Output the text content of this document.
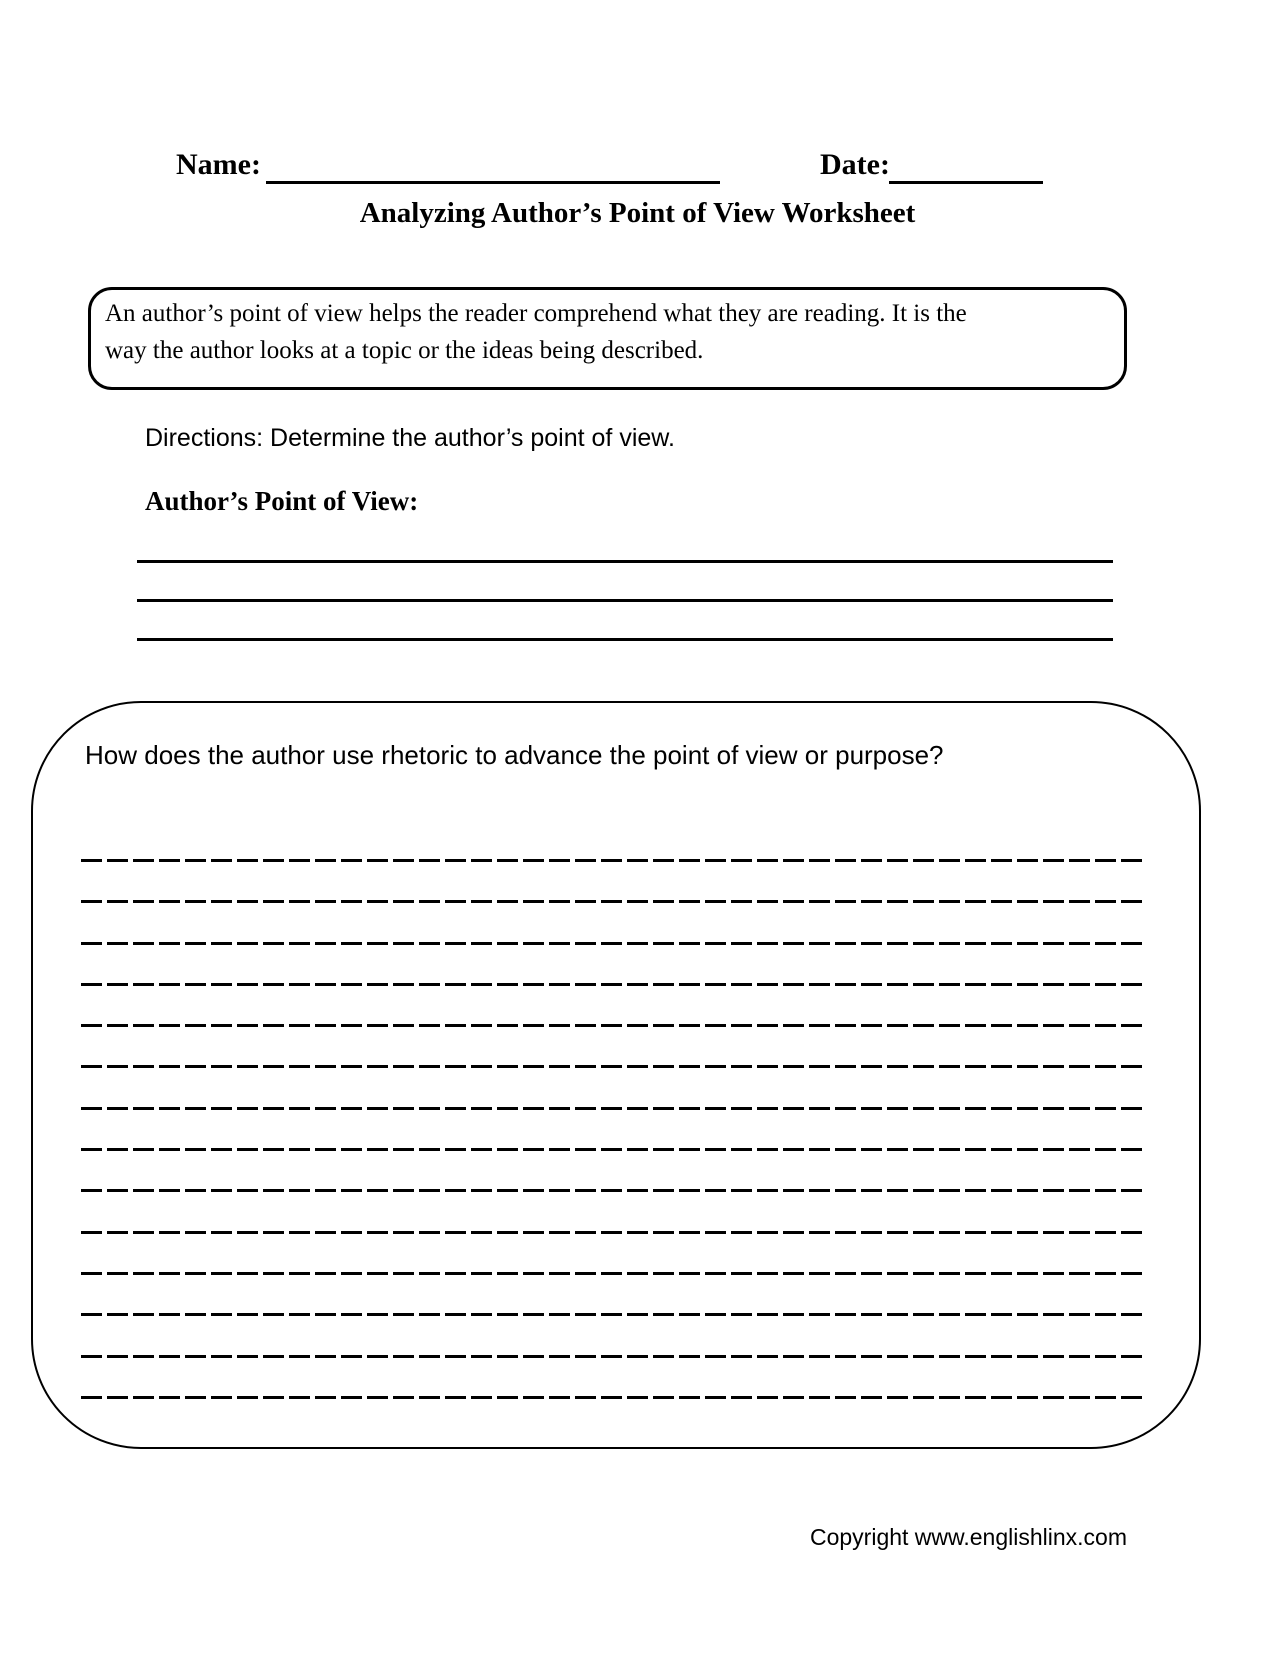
Name:	Date:
Analyzing Author’s Point of View Worksheet
An author’s point of view helps the reader comprehend what they are reading. It is the
way the author looks at a topic or the ideas being described.
Directions: Determine the author’s point of view.
Author’s Point of View:
How does the author use rhetoric to advance the point of view or purpose?
Copyright www.englishlinx.com
